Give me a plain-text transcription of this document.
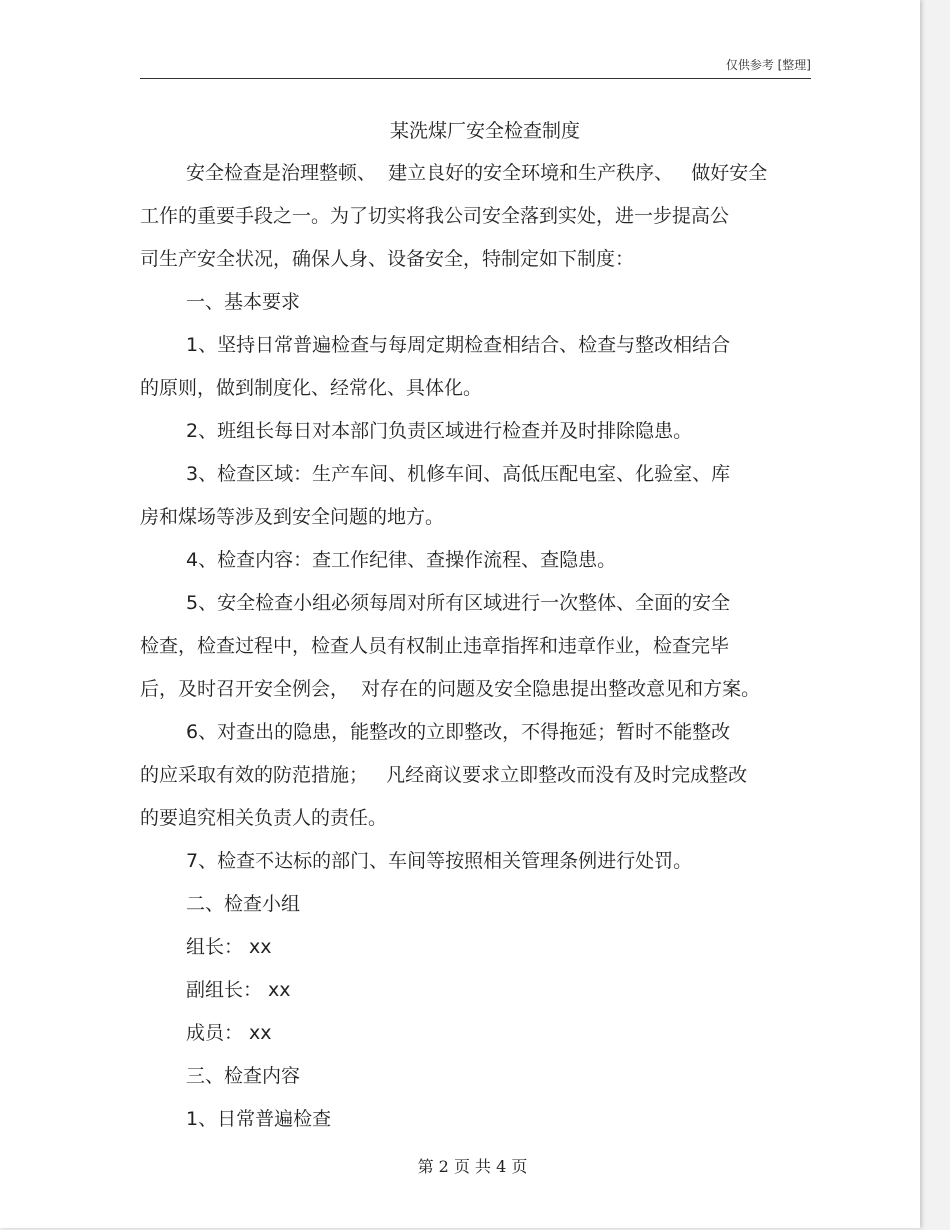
仅供参考 [整理]
某洗煤厂安全检查制度
安全检查是治理整顿、  建立良好的安全环境和生产秩序、   做好安全
工作的重要手段之一。为了切实将我公司安全落到实处，进一步提高公
司生产安全状况，确保人身、设备安全，特制定如下制度：
一、基本要求
1、坚持日常普遍检查与每周定期检查相结合、检查与整改相结合
的原则，做到制度化、经常化、具体化。
2、班组长每日对本部门负责区域进行检查并及时排除隐患。
3、检查区域：生产车间、机修车间、高低压配电室、化验室、库
房和煤场等涉及到安全问题的地方。
4、检查内容：查工作纪律、查操作流程、查隐患。
5、安全检查小组必须每周对所有区域进行一次整体、全面的安全
检查，检查过程中，检查人员有权制止违章指挥和违章作业，检查完毕
后，及时召开安全例会，  对存在的问题及安全隐患提出整改意见和方案。
6、对查出的隐患，能整改的立即整改，不得拖延；暂时不能整改
的应采取有效的防范措施；   凡经商议要求立即整改而没有及时完成整改
的要追究相关负责人的责任。
7、检查不达标的部门、车间等按照相关管理条例进行处罚。
二、检查小组
组长： xx
副组长： xx
成员： xx
三、检查内容
1、日常普遍检查
第 2 页 共 4 页
